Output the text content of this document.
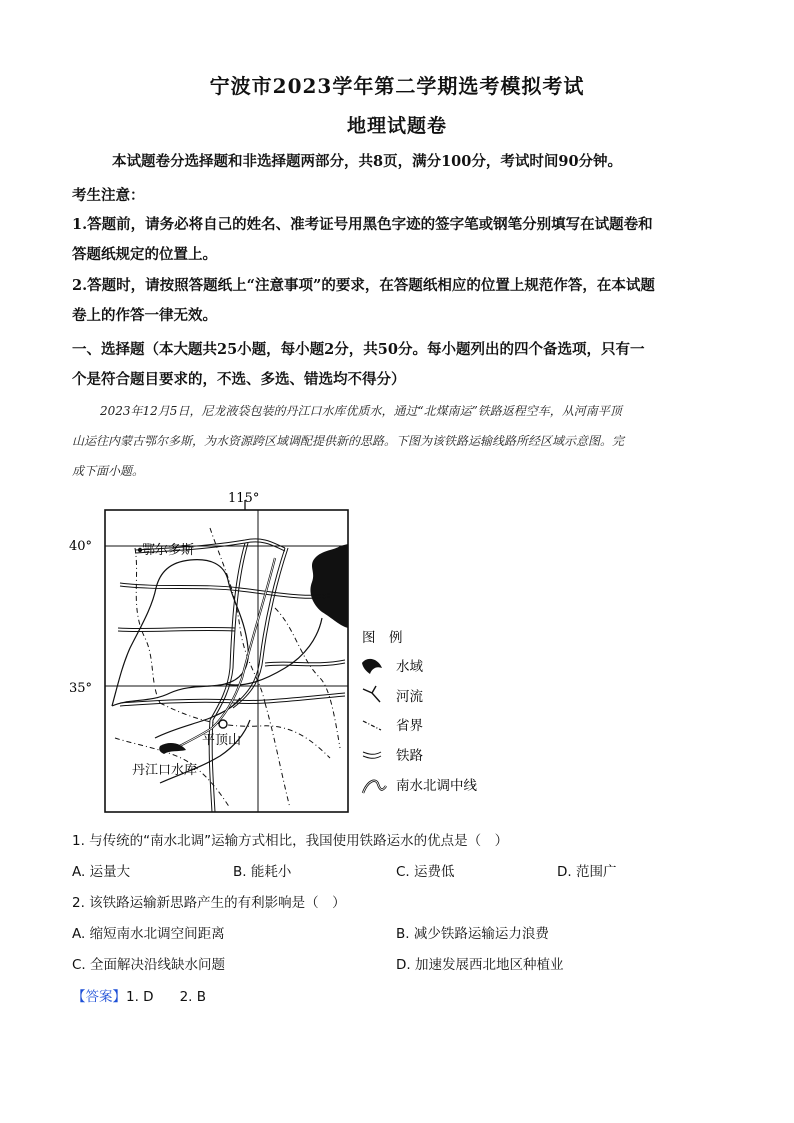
宁波市2023学年第二学期选考模拟考试
地理试题卷
本试题卷分选择题和非选择题两部分，共8页，满分100分，考试时间90分钟。
考生注意：
1.答题前，请务必将自己的姓名、准考证号用黑色字迹的签字笔或钢笔分别填写在试题卷和
答题纸规定的位置上。
2.答题时，请按照答题纸上“注意事项”的要求，在答题纸相应的位置上规范作答，在本试题
卷上的作答一律无效。
一、选择题（本大题共25小题，每小题2分，共50分。每小题列出的四个备选项，只有一
个是符合题目要求的，不选、多选、错选均不得分）
2023年12月5日，尼龙液袋包装的丹江口水库优质水，通过“北煤南运”铁路返程空车，从河南平顶
山运往内蒙古鄂尔多斯，为水资源跨区域调配提供新的思路。下图为该铁路运输线路所经区域示意图。完
成下面小题。
115°
40°
35°
鄂尔多斯
平顶山
丹江口水库
图　例
水域
河流
省界
铁路
南水北调中线
1. 与传统的“南水北调”运输方式相比，我国使用铁路运水的优点是（　）
A. 运量大	B. 能耗小	C. 运费低	D. 范围广
2. 该铁路运输新思路产生的有利影响是（　）
A. 缩短南水北调空间距离	B. 减少铁路运输运力浪费
C. 全面解决沿线缺水问题	D. 加速发展西北地区种植业
【答案】1. D 2. B
